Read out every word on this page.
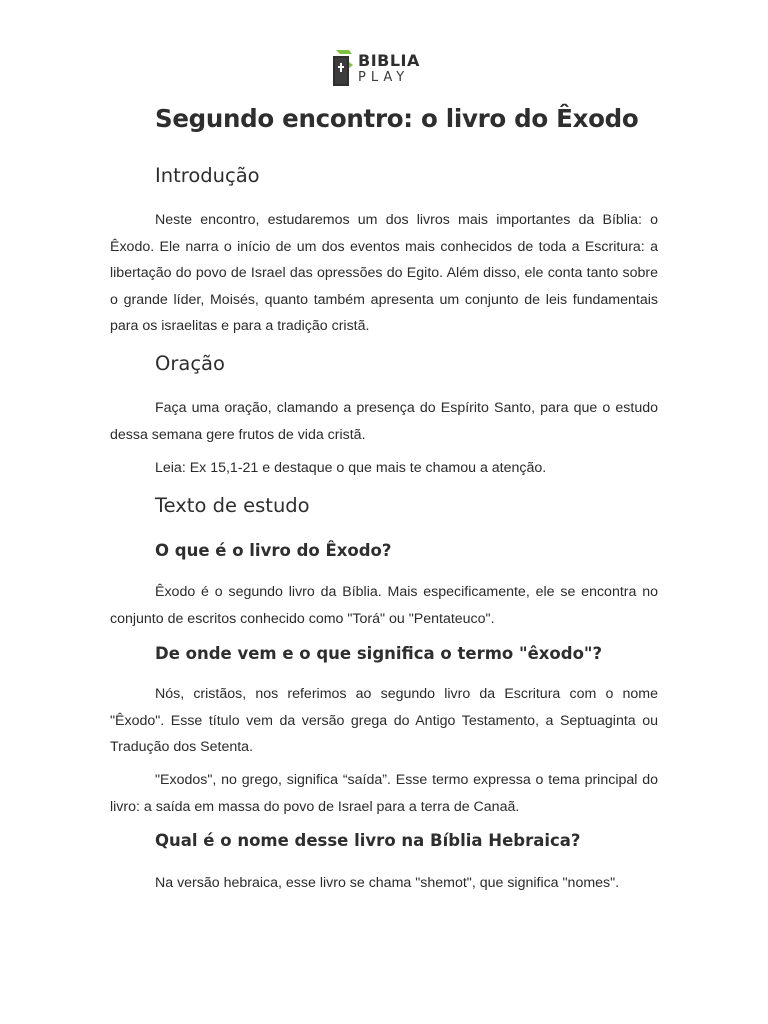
BIBLIA
PLAY
Segundo encontro: o livro do Êxodo
Introdução

Neste encontro, estudaremos um dos livros mais importantes da Bíblia: o Êxodo. Ele narra o início de um dos eventos mais conhecidos de toda a Escritura: a libertação do povo de Israel das opressões do Egito. Além disso, ele conta tanto sobre o grande líder, Moisés, quanto também apresenta um conjunto de leis fundamentais para os israelitas e para a tradição cristã.

Oração

Faça uma oração, clamando a presença do Espírito Santo, para que o estudo dessa semana gere frutos de vida cristã.

Leia: Ex 15,1-21 e destaque o que mais te chamou a atenção.

Texto de estudo
O que é o livro do Êxodo?

Êxodo é o segundo livro da Bíblia. Mais especificamente, ele se encontra no conjunto de escritos conhecido como "Torá" ou "Pentateuco".

De onde vem e o que significa o termo "êxodo"?

Nós, cristãos, nos referimos ao segundo livro da Escritura com o nome "Êxodo". Esse título vem da versão grega do Antigo Testamento, a Septuaginta ou Tradução dos Setenta.

"Exodos", no grego, significa “saída”. Esse termo expressa o tema principal do livro: a saída em massa do povo de Israel para a terra de Canaã.

Qual é o nome desse livro na Bíblia Hebraica?

Na versão hebraica, esse livro se chama "shemot", que significa "nomes".
